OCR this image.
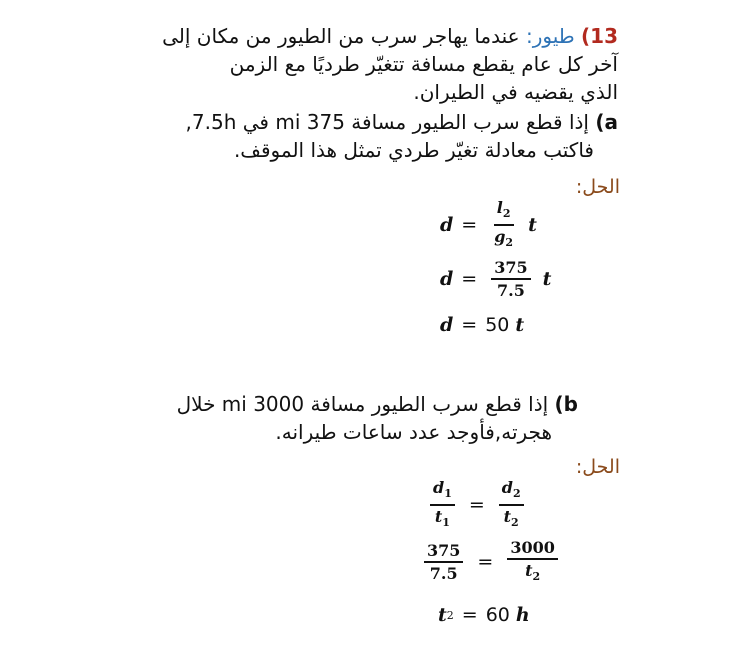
13) طيور: عندما يهاجر سرب من الطيور من مكان إلى
آخر كل عام يقطع مسافة تتغيّر طرديًا مع الزمن
الذي يقضيه في الطيران.
a) إذا قطع سرب الطيور مسافة 375 mi في 7.5h,
فاكتب معادلة تغيّر طردي تمثل هذا الموقف.
الحل:
$d = \frac{l_2}{g_2}$ t
$d = \frac{375}{7.5}$ t
d = 50 t
b) إذا قطع سرب الطيور مسافة 3000 mi خلال
هجرته,فأوجد عدد ساعات طيرانه.
الحل:
$\frac{d_1}{t_1} = \frac{d_2}{t_2}$
$\frac{375}{7.5} = \frac{3000}{t_2}$
t 2 = 60 h
